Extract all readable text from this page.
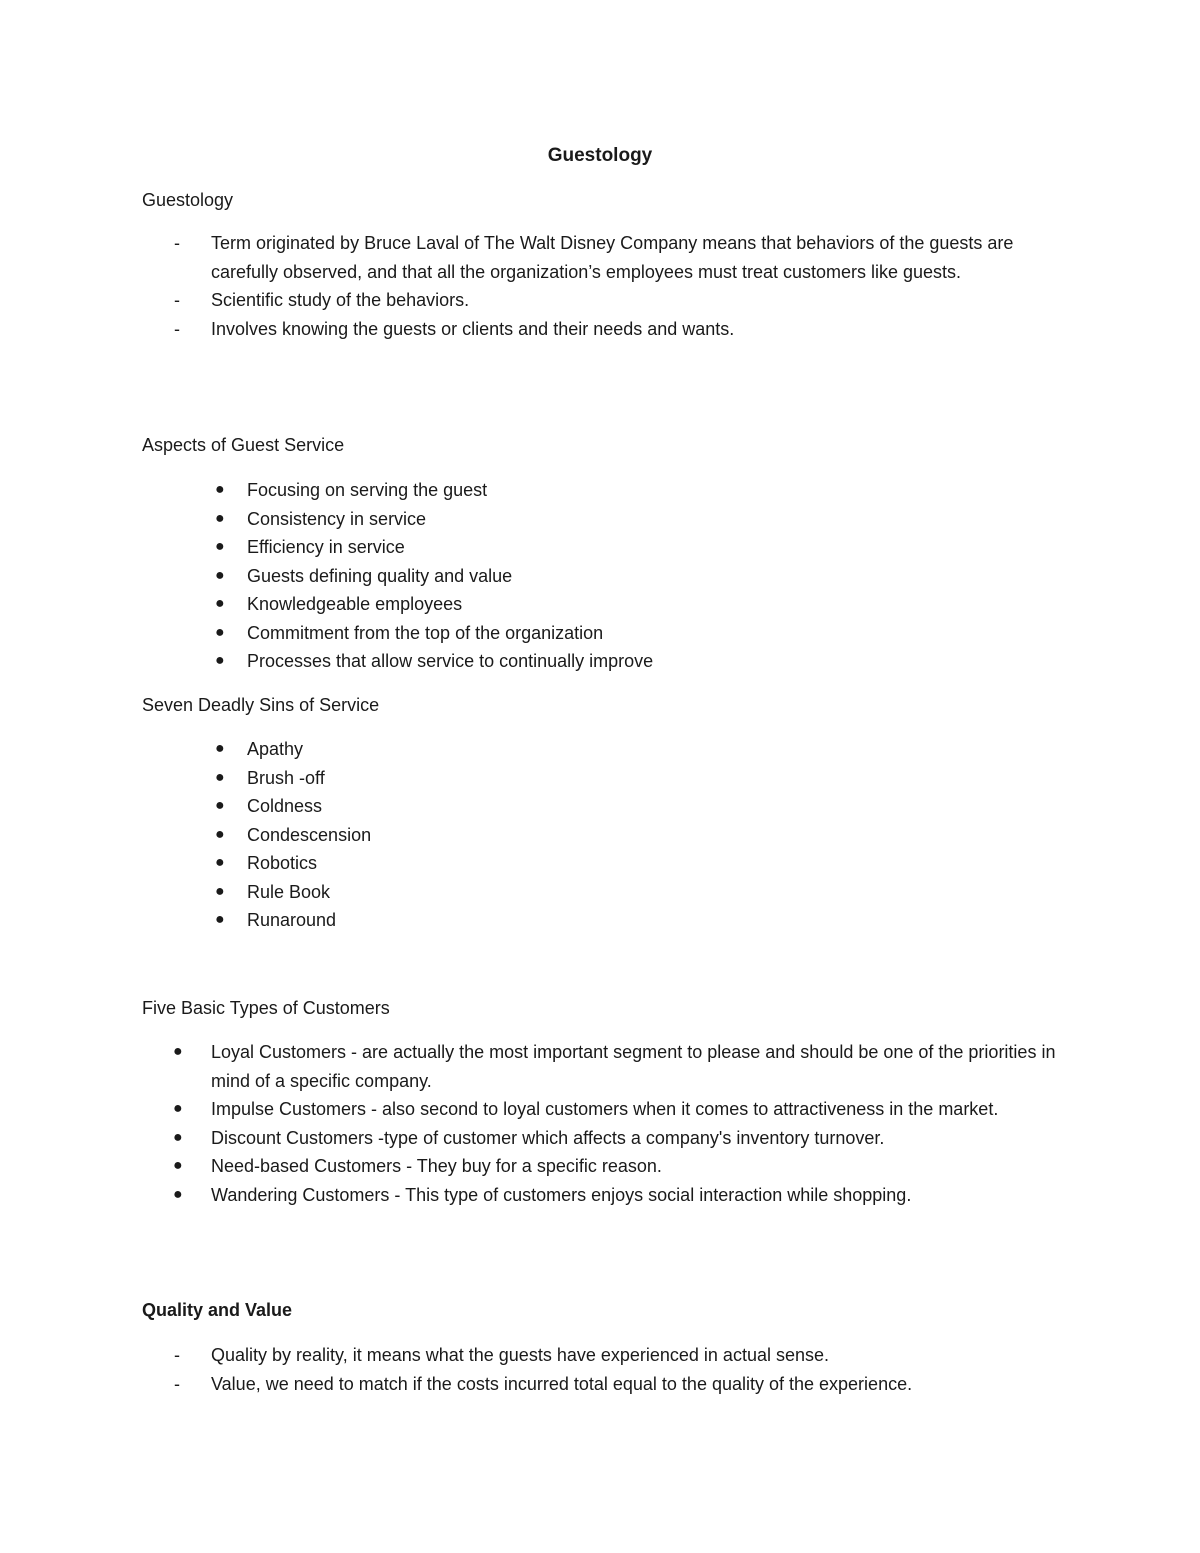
Guestology
Guestology
- Term originated by Bruce Laval of The Walt Disney Company means that behaviors of the guests are carefully observed, and that all the organization’s employees must treat customers like guests.
- Scientific study of the behaviors.
- Involves knowing the guests or clients and their needs and wants.
Aspects of Guest Service
● Focusing on serving the guest
● Consistency in service
● Efficiency in service
● Guests defining quality and value
● Knowledgeable employees
● Commitment from the top of the organization
● Processes that allow service to continually improve
Seven Deadly Sins of Service
● Apathy
● Brush -off
● Coldness
● Condescension
● Robotics
● Rule Book
● Runaround
Five Basic Types of Customers
● Loyal Customers - are actually the most important segment to please and should be one of the priorities in mind of a specific company.
● Impulse Customers - also second to loyal customers when it comes to attractiveness in the market.
● Discount Customers -type of customer which affects a company's inventory turnover.
● Need-based Customers - They buy for a specific reason.
● Wandering Customers - This type of customers enjoys social interaction while shopping.
Quality and Value
- Quality by reality, it means what the guests have experienced in actual sense.
- Value, we need to match if the costs incurred total equal to the quality of the experience.
